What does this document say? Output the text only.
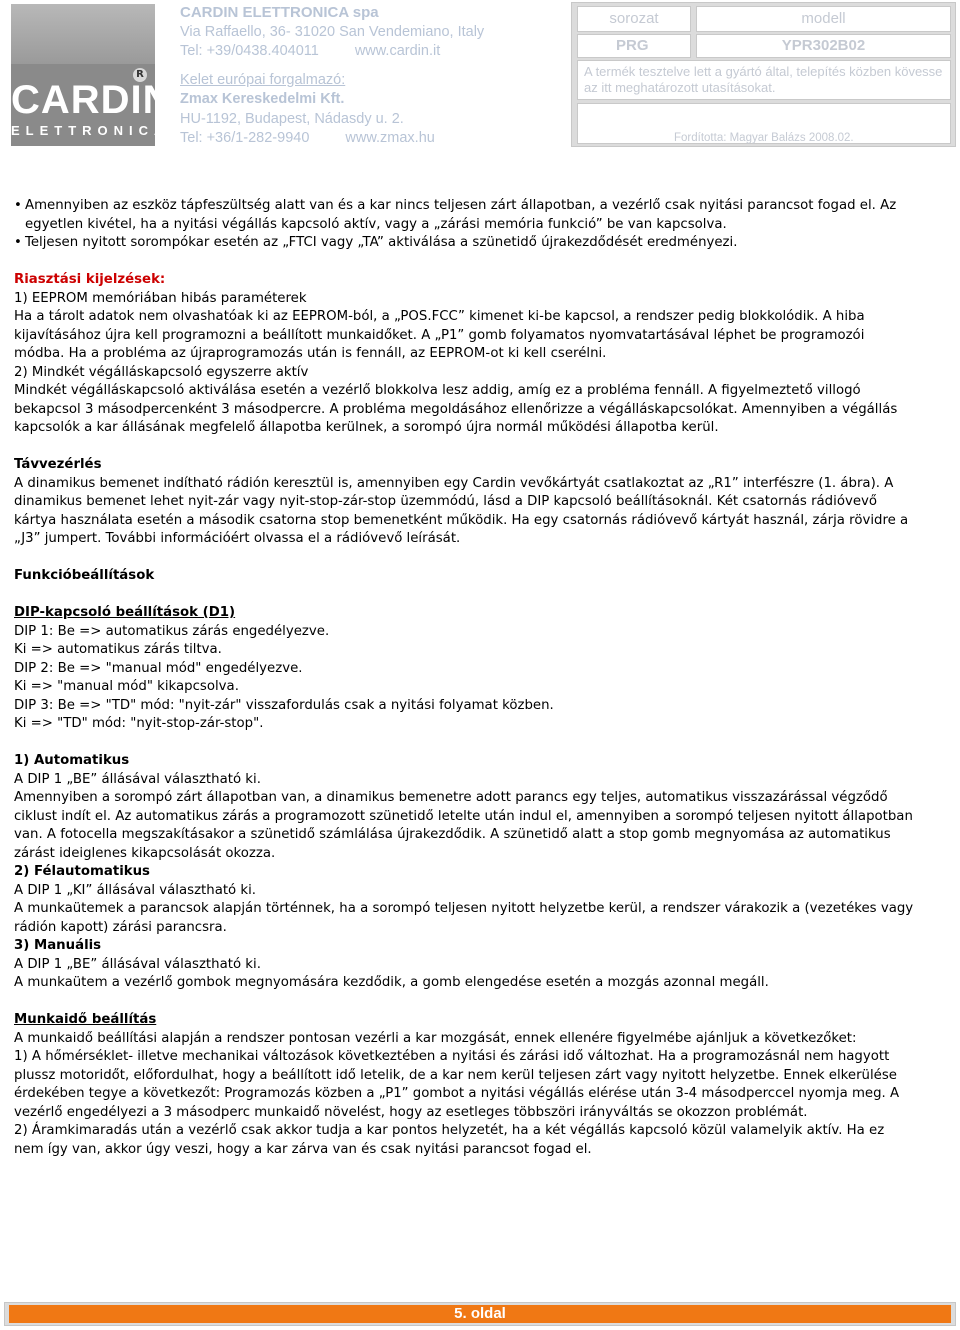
R
CARDIN
ELETTRONICA
CARDIN ELETTRONICA spa
Via Raffaello, 36- 31020 San Vendemiano, Italy
Tel: +39/0438.404011 www.cardin.it
Kelet európai forgalmazó:
Zmax Kereskedelmi Kft.
HU-1192, Budapest, Nádasdy u. 2.
Tel: +36/1-282-9940 www.zmax.hu
sorozat	modell
PRG	YPR302B02
A termék tesztelve lett a gyártó által, telepítés közben kövesse az itt meghatározott utasításokat.
Fordította: Magyar Balázs 2008.02.

• Amennyiben az eszköz tápfeszültség alatt van és a kar nincs teljesen zárt állapotban, a vezérlő csak nyitási parancsot fogad el. Az egyetlen kivétel, ha a nyitási végállás kapcsoló aktív, vagy a „zárási memória funkció” be van kapcsolva.

• Teljesen nyitott sorompókar esetén az „FTCI vagy „TA” aktiválása a szünetidő újrakezdődését eredményezi.

Riasztási kijelzések:

1) EEPROM memóriában hibás paraméterek

Ha a tárolt adatok nem olvashatóak ki az EEPROM-ból, a „POS.FCC” kimenet ki-be kapcsol, a rendszer pedig blokkolódik. A hiba kijavításához újra kell programozni a beállított munkaidőket. A „P1” gomb folyamatos nyomvatartásával léphet be programozói módba. Ha a probléma az újraprogramozás után is fennáll, az EEPROM-ot ki kell cserélni.

2) Mindkét végálláskapcsoló egyszerre aktív

Mindkét végálláskapcsoló aktiválása esetén a vezérlő blokkolva lesz addig, amíg ez a probléma fennáll. A figyelmeztető villogó bekapcsol 3 másodpercenként 3 másodpercre. A probléma megoldásához ellenőrizze a végálláskapcsolókat. Amennyiben a végállás kapcsolók a kar állásának megfelelő állapotba kerülnek, a sorompó újra normál működési állapotba kerül.

Távvezérlés

A dinamikus bemenet indítható rádión keresztül is, amennyiben egy Cardin vevőkártyát csatlakoztat az „R1” interfészre (1. ábra). A dinamikus bemenet lehet nyit-zár vagy nyit-stop-zár-stop üzemmódú, lásd a DIP kapcsoló beállításoknál. Két csatornás rádióvevő kártya használata esetén a második csatorna stop bemenetként működik. Ha egy csatornás rádióvevő kártyát használ, zárja rövidre a „J3” jumpert. További információért olvassa el a rádióvevő leírását.

Funkcióbeállítások

DIP-kapcsoló beállítások (D1)

DIP 1: Be => automatikus zárás engedélyezve.

Ki => automatikus zárás tiltva.

DIP 2: Be => "manual mód" engedélyezve.

Ki => "manual mód" kikapcsolva.

DIP 3: Be => "TD" mód: "nyit-zár" visszafordulás csak a nyitási folyamat közben.

Ki => "TD" mód: "nyit-stop-zár-stop".

1) Automatikus

A DIP 1 „BE” állásával választható ki.

Amennyiben a sorompó zárt állapotban van, a dinamikus bemenetre adott parancs egy teljes, automatikus visszazárással végződő ciklust indít el. Az automatikus zárás a programozott szünetidő letelte után indul el, amennyiben a sorompó teljesen nyitott állapotban van. A fotocella megszakításakor a szünetidő számlálása újrakezdődik. A szünetidő alatt a stop gomb megnyomása az automatikus zárást ideiglenes kikapcsolását okozza.

2) Félautomatikus

A DIP 1 „KI” állásával választható ki.

A munkaütemek a parancsok alapján történnek, ha a sorompó teljesen nyitott helyzetbe kerül, a rendszer várakozik a (vezetékes vagy rádión kapott) zárási parancsra.

3) Manuális

A DIP 1 „BE” állásával választható ki.

A munkaütem a vezérlő gombok megnyomására kezdődik, a gomb elengedése esetén a mozgás azonnal megáll.

Munkaidő beállítás

A munkaidő beállítási alapján a rendszer pontosan vezérli a kar mozgását, ennek ellenére figyelmébe ajánljuk a következőket:

1) A hőmérséklet- illetve mechanikai változások következtében a nyitási és zárási idő változhat. Ha a programozásnál nem hagyott plussz motoridőt, előfordulhat, hogy a beállított idő letelik, de a kar nem kerül teljesen zárt vagy nyitott helyzetbe. Ennek elkerülése érdekében tegye a következőt: Programozás közben a „P1” gombot a nyitási végállás elérése után 3-4 másodperccel nyomja meg. A vezérlő engedélyezi a 3 másodperc munkaidő növelést, hogy az esetleges többszöri irányváltás se okozzon problémát.

2) Áramkimaradás után a vezérlő csak akkor tudja a kar pontos helyzetét, ha a két végállás kapcsoló közül valamelyik aktív. Ha ez nem így van, akkor úgy veszi, hogy a kar zárva van és csak nyitási parancsot fogad el.

5. oldal
